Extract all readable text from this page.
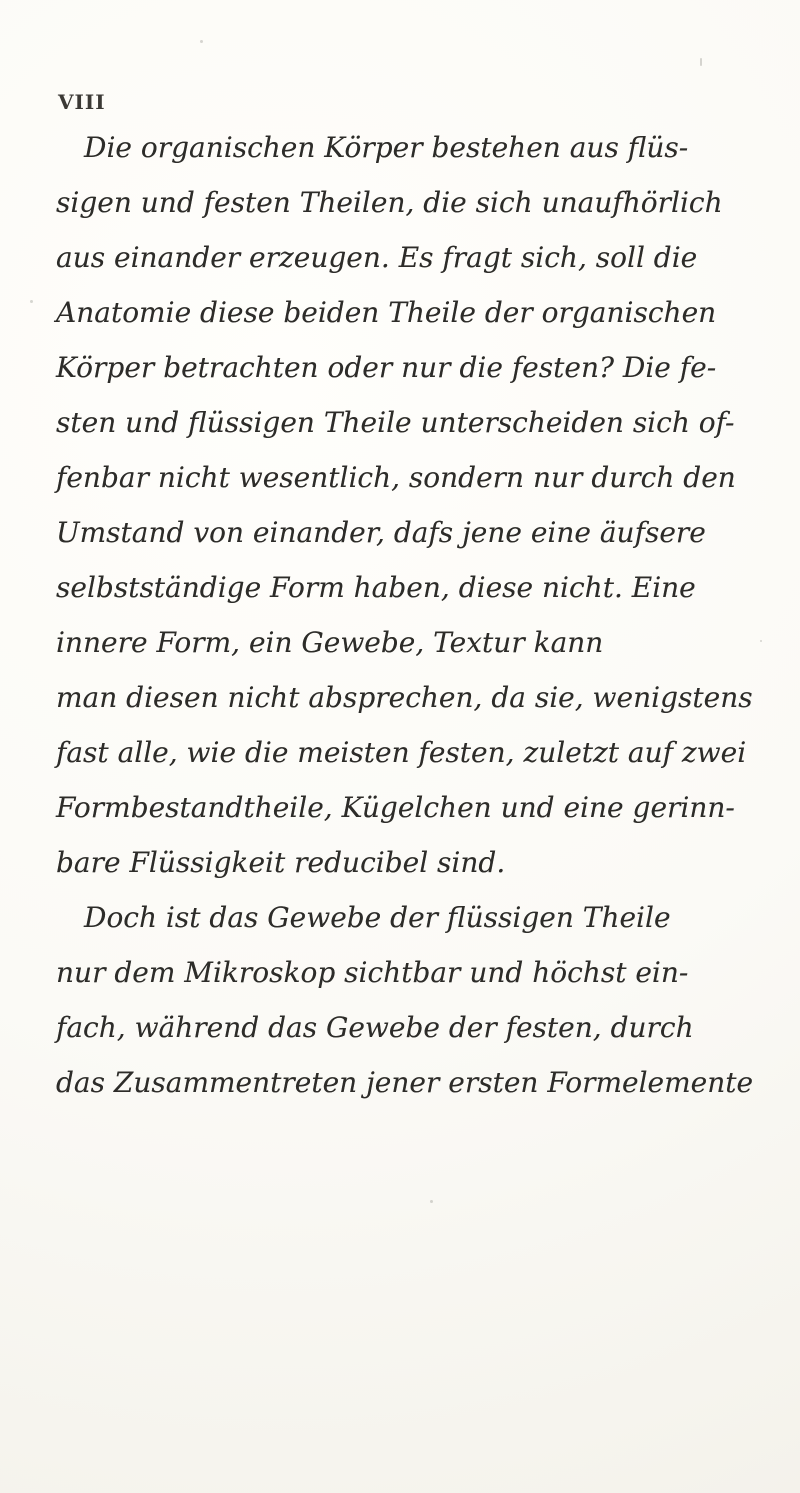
VIII
Die organischen Körper bestehen aus flüs-
sigen und festen Theilen, die sich unaufhörlich
aus einander erzeugen. Es fragt sich, soll die
Anatomie diese beiden Theile der organischen
Körper betrachten oder nur die festen? Die fe-
sten und flüssigen Theile unterscheiden sich of-
fenbar nicht wesentlich, sondern nur durch den
Umstand von einander, dafs jene eine äufsere
selbstständige Form haben, diese nicht. Eine
innere Form, ein Gewebe, Textur kann
man diesen nicht absprechen, da sie, wenigstens
fast alle, wie die meisten festen, zuletzt auf zwei
Formbestandtheile, Kügelchen und eine gerinn-
bare Flüssigkeit reducibel sind.
Doch ist das Gewebe der flüssigen Theile
nur dem Mikroskop sichtbar und höchst ein-
fach, während das Gewebe der festen, durch
das Zusammentreten jener ersten Formelemente
